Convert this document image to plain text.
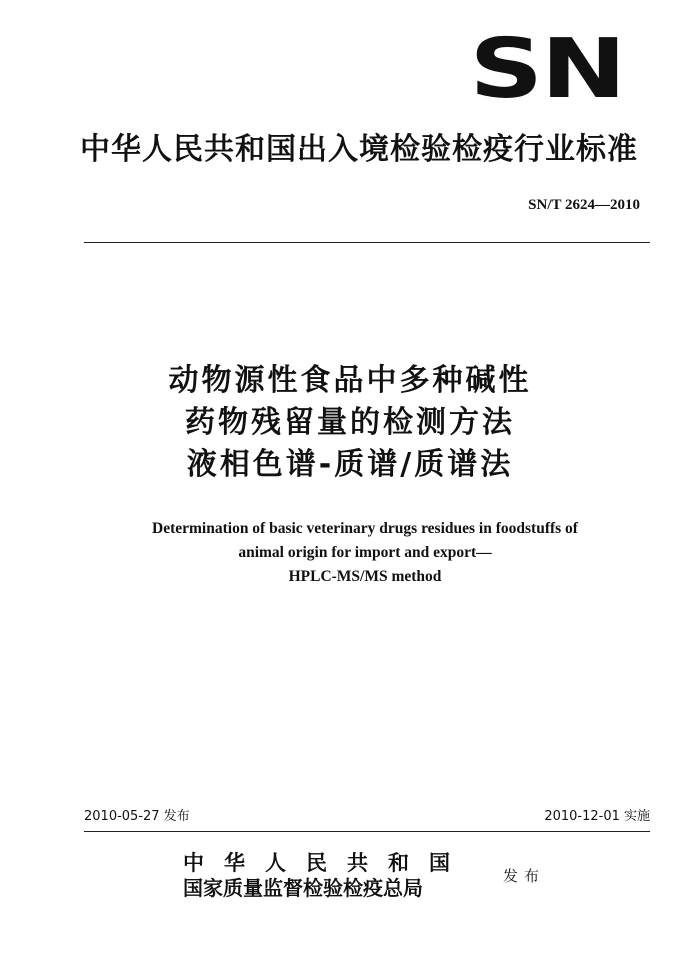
SN
中华人民共和国出入境检验检疫行业标准
SN/T 2624—2010
动物源性食品中多种碱性
药物残留量的检测方法
液相色谱-质谱/质谱法
Determination of basic veterinary drugs residues in foodstuffs of
animal origin for import and export—
HPLC-MS/MS method
2010-05-27 发布	2010-12-01 实施
中华人民共和国
国家质量监督检验检疫总局	发布
